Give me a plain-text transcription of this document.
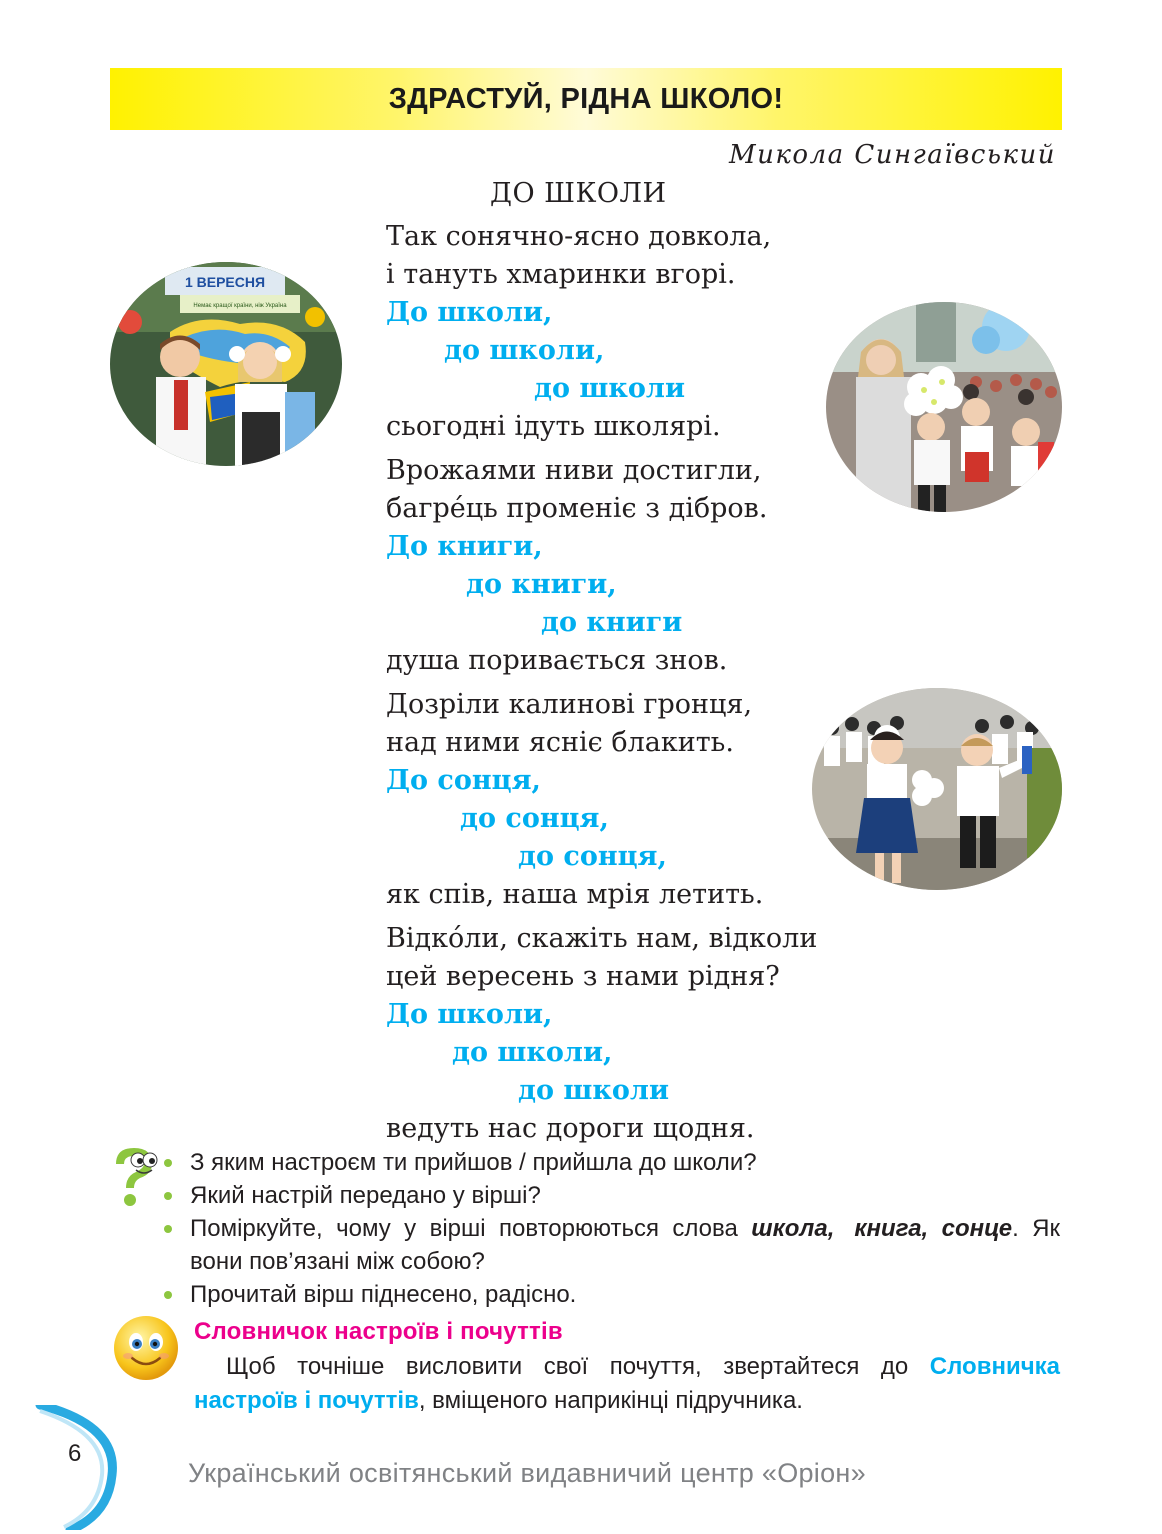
ЗДРАСТУЙ, РІДНА ШКОЛО!
Микола Сингаївський
ДО ШКОЛИ
Так сонячно-ясно довкола,
і тануть хмаринки вгорі.
До школи,
до школи,
до школи
сьогодні ідуть школярі.
Врожаями ниви достигли,
багре́ць променіє з дібров.
До книги,
до книги,
до книги
душа поривається знов.
Дозріли калинові гронця,
над ними ясніє блакить.
До сонця,
до сонця,
до сонця,
як спів, наша мрія летить.
Відко́ли, скажіть нам, відколи
цей вересень з нами рідня?
До школи,
до школи,
до школи
ведуть нас дороги щодня.
1 ВЕРЕСНЯ
Немає кращої країни, ніж Україна
З яким настроєм ти прийшов / прийшла до школи?
Який настрій передано у вірші?
Поміркуйте, чому у вірші повторюються слова школа, книга, сонце. Як вони пов’язані між собою?
Прочитай вірш піднесено, радісно.
Словничок настроїв і почуттів
Щоб точніше висловити свої почуття, звертайтеся до Словничка настроїв і почуттів, вміщеного наприкінці підручника.
6
Український освітянський видавничий центр «Оріон»
